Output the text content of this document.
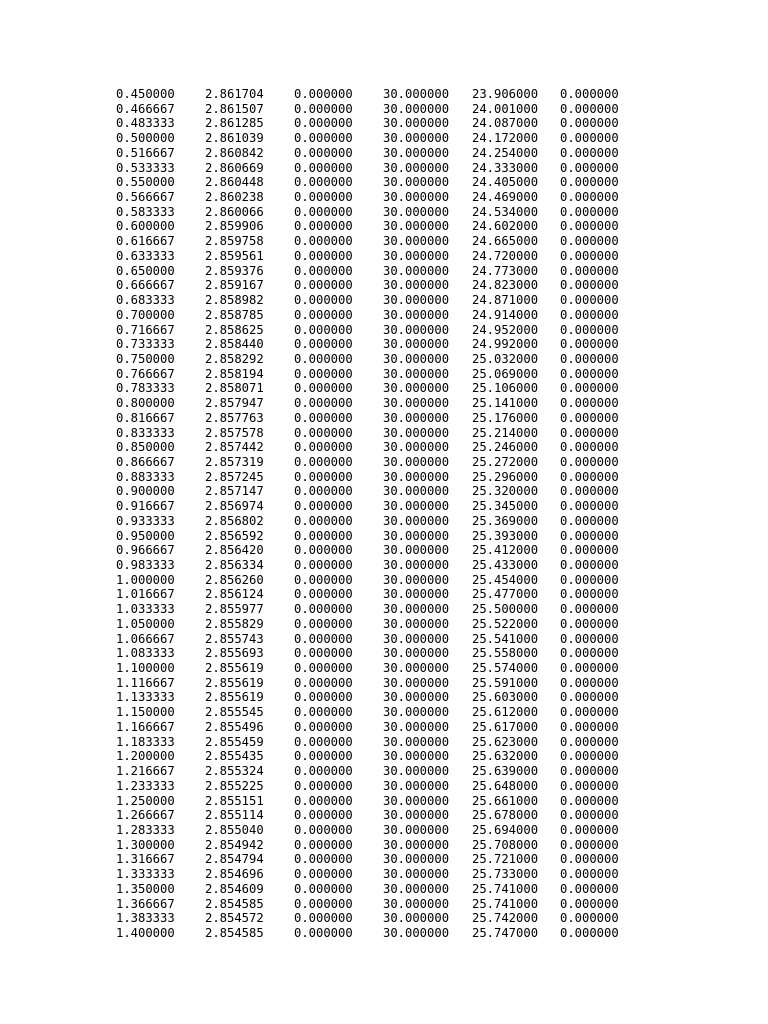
0.450000 2.861704 0.000000 30.000000 23.906000 0.000000
0.466667 2.861507 0.000000 30.000000 24.001000 0.000000
0.483333 2.861285 0.000000 30.000000 24.087000 0.000000
0.500000 2.861039 0.000000 30.000000 24.172000 0.000000
0.516667 2.860842 0.000000 30.000000 24.254000 0.000000
0.533333 2.860669 0.000000 30.000000 24.333000 0.000000
0.550000 2.860448 0.000000 30.000000 24.405000 0.000000
0.566667 2.860238 0.000000 30.000000 24.469000 0.000000
0.583333 2.860066 0.000000 30.000000 24.534000 0.000000
0.600000 2.859906 0.000000 30.000000 24.602000 0.000000
0.616667 2.859758 0.000000 30.000000 24.665000 0.000000
0.633333 2.859561 0.000000 30.000000 24.720000 0.000000
0.650000 2.859376 0.000000 30.000000 24.773000 0.000000
0.666667 2.859167 0.000000 30.000000 24.823000 0.000000
0.683333 2.858982 0.000000 30.000000 24.871000 0.000000
0.700000 2.858785 0.000000 30.000000 24.914000 0.000000
0.716667 2.858625 0.000000 30.000000 24.952000 0.000000
0.733333 2.858440 0.000000 30.000000 24.992000 0.000000
0.750000 2.858292 0.000000 30.000000 25.032000 0.000000
0.766667 2.858194 0.000000 30.000000 25.069000 0.000000
0.783333 2.858071 0.000000 30.000000 25.106000 0.000000
0.800000 2.857947 0.000000 30.000000 25.141000 0.000000
0.816667 2.857763 0.000000 30.000000 25.176000 0.000000
0.833333 2.857578 0.000000 30.000000 25.214000 0.000000
0.850000 2.857442 0.000000 30.000000 25.246000 0.000000
0.866667 2.857319 0.000000 30.000000 25.272000 0.000000
0.883333 2.857245 0.000000 30.000000 25.296000 0.000000
0.900000 2.857147 0.000000 30.000000 25.320000 0.000000
0.916667 2.856974 0.000000 30.000000 25.345000 0.000000
0.933333 2.856802 0.000000 30.000000 25.369000 0.000000
0.950000 2.856592 0.000000 30.000000 25.393000 0.000000
0.966667 2.856420 0.000000 30.000000 25.412000 0.000000
0.983333 2.856334 0.000000 30.000000 25.433000 0.000000
1.000000 2.856260 0.000000 30.000000 25.454000 0.000000
1.016667 2.856124 0.000000 30.000000 25.477000 0.000000
1.033333 2.855977 0.000000 30.000000 25.500000 0.000000
1.050000 2.855829 0.000000 30.000000 25.522000 0.000000
1.066667 2.855743 0.000000 30.000000 25.541000 0.000000
1.083333 2.855693 0.000000 30.000000 25.558000 0.000000
1.100000 2.855619 0.000000 30.000000 25.574000 0.000000
1.116667 2.855619 0.000000 30.000000 25.591000 0.000000
1.133333 2.855619 0.000000 30.000000 25.603000 0.000000
1.150000 2.855545 0.000000 30.000000 25.612000 0.000000
1.166667 2.855496 0.000000 30.000000 25.617000 0.000000
1.183333 2.855459 0.000000 30.000000 25.623000 0.000000
1.200000 2.855435 0.000000 30.000000 25.632000 0.000000
1.216667 2.855324 0.000000 30.000000 25.639000 0.000000
1.233333 2.855225 0.000000 30.000000 25.648000 0.000000
1.250000 2.855151 0.000000 30.000000 25.661000 0.000000
1.266667 2.855114 0.000000 30.000000 25.678000 0.000000
1.283333 2.855040 0.000000 30.000000 25.694000 0.000000
1.300000 2.854942 0.000000 30.000000 25.708000 0.000000
1.316667 2.854794 0.000000 30.000000 25.721000 0.000000
1.333333 2.854696 0.000000 30.000000 25.733000 0.000000
1.350000 2.854609 0.000000 30.000000 25.741000 0.000000
1.366667 2.854585 0.000000 30.000000 25.741000 0.000000
1.383333 2.854572 0.000000 30.000000 25.742000 0.000000
1.400000 2.854585 0.000000 30.000000 25.747000 0.000000
